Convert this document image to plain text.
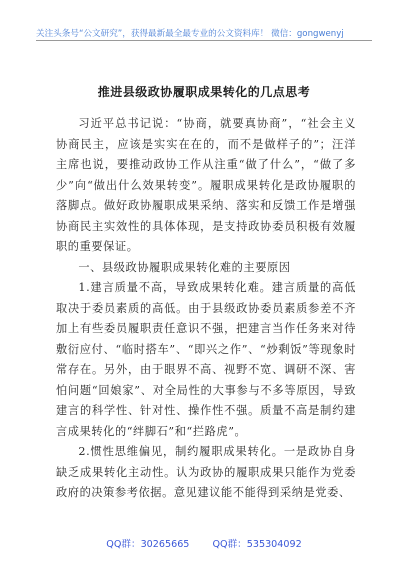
关注头条号“公文研究”，获得最新最全最专业的公文资料库！ 微信：gongwenyj
推进县级政协履职成果转化的几点思考

习近平总书记说：“协商，就要真协商”，“社会主义协商民主，应该是实实在在的，而不是做样子的”；汪洋主席也说，要推动政协工作从注重“做了什么”，“做了多少”向“做出什么效果转变”。履职成果转化是政协履职的落脚点。做好政协履职成果采纳、落实和反馈工作是增强协商民主实效性的具体体现，是支持政协委员积极有效履职的重要保证。

一、县级政协履职成果转化难的主要原因

1.建言质量不高，导致成果转化难。建言质量的高低取决于委员素质的高低。由于县级政协委员素质参差不齐加上有些委员履职责任意识不强，把建言当作任务来对待敷衍应付、“临时搭车”、“即兴之作”、“炒剩饭”等现象时常存在。另外，由于眼界不高、视野不宽、调研不深、害怕问题“回娘家”、对全局性的大事参与不多等原因，导致建言的科学性、针对性、操作性不强。质量不高是制约建言成果转化的“绊脚石”和“拦路虎”。

2.惯性思维偏见，制约履职成果转化。一是政协自身缺乏成果转化主动性。认为政协的履职成果只能作为党委政府的决策参考依据。意见建议能不能得到采纳是党委、

QQ群：30265665 QQ群：535304092
